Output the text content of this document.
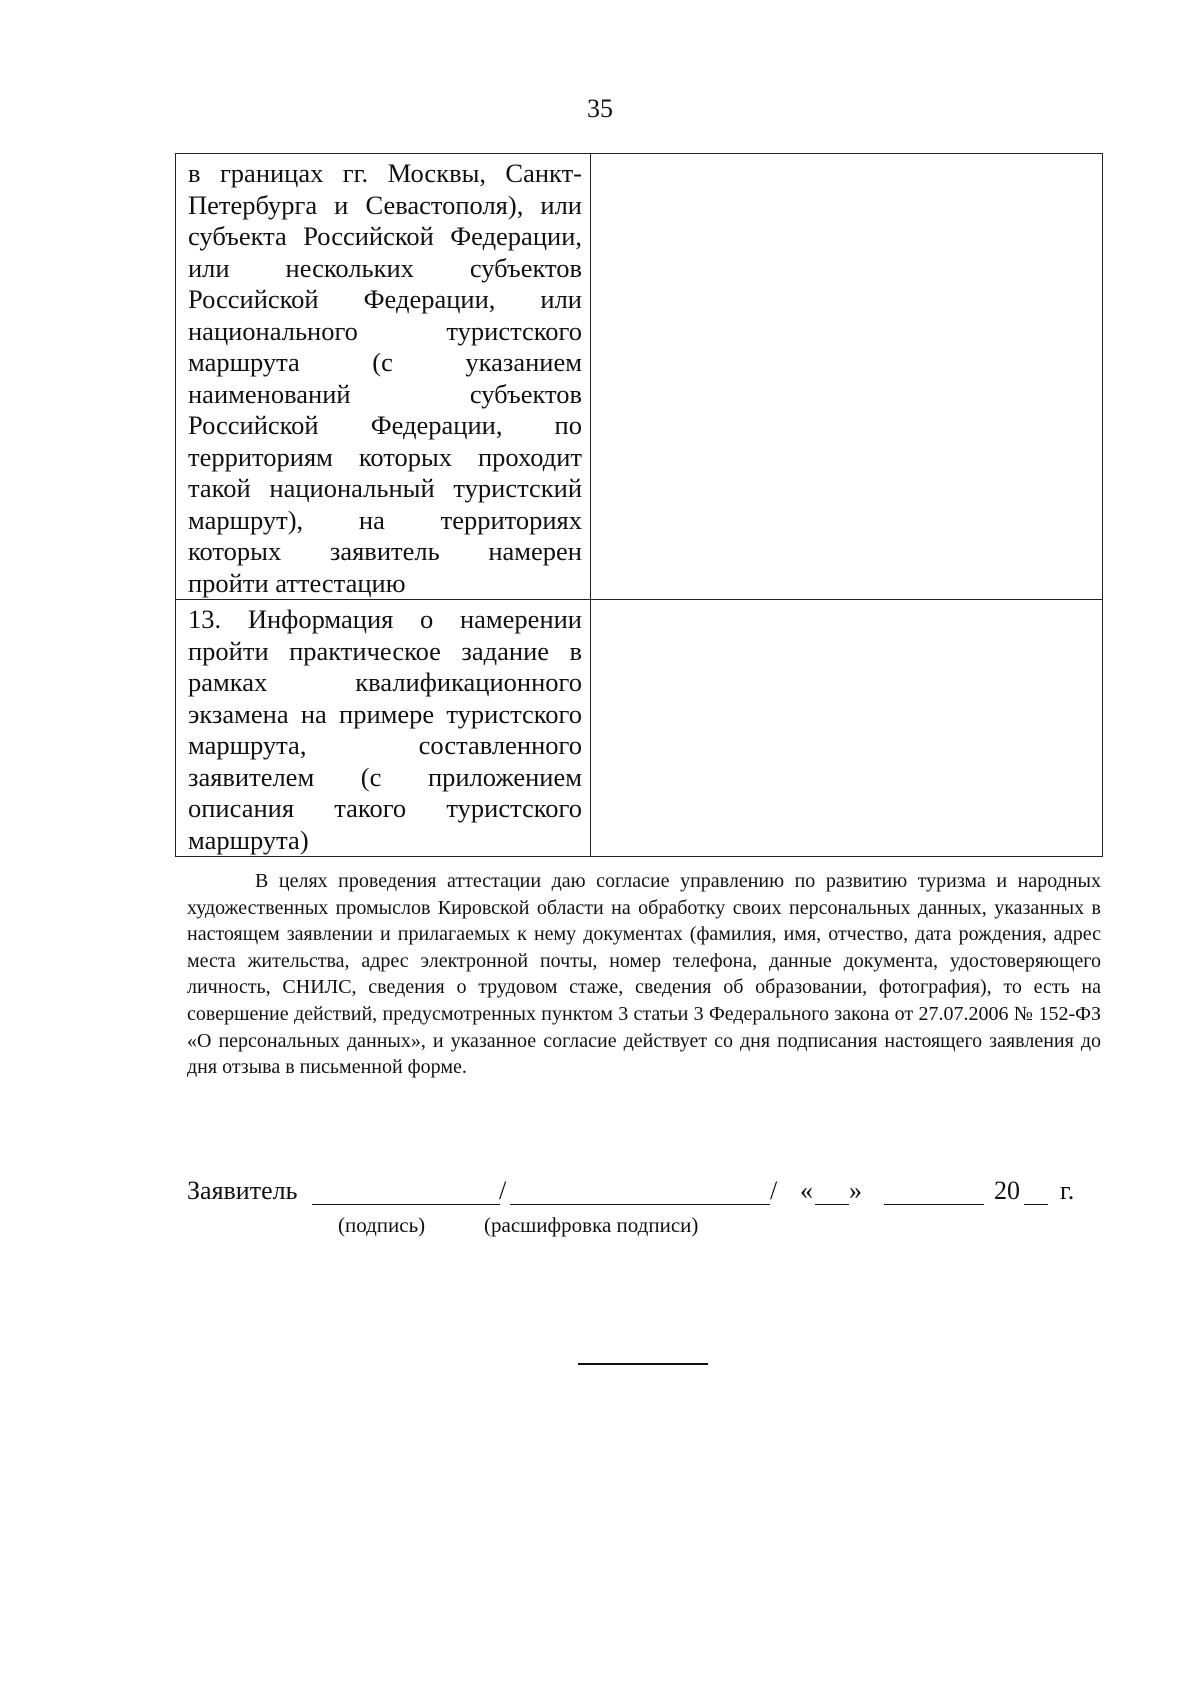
35
в границах гг. Москвы, Санкт-Петербурга и Севастополя), или субъекта Российской Федерации, или нескольких субъектов Российской Федерации, или национального туристского маршрута (с указанием наименований субъектов Российской Федерации, по территориям которых проходит такой национальный туристский маршрут), на территориях которых заявитель намерен пройти аттестацию	

13. Информация о намерении пройти практическое задание в рамках квалификационного экзамена на примере туристского маршрута, составленного заявителем (с приложением описания такого туристского маршрута)	

В целях проведения аттестации даю согласие управлению по развитию туризма и народных художественных промыслов Кировской области на обработку своих персональных данных, указанных в настоящем заявлении и прилагаемых к нему документах (фамилия, имя, отчество, дата рождения, адрес места жительства, адрес электронной почты, номер телефона, данные документа, удостоверяющего личность, СНИЛС, сведения о трудовом стаже, сведения об образовании, фотография), то есть на совершение действий, предусмотренных пунктом 3 статьи 3 Федерального закона от 27.07.2006 № 152-ФЗ «О персональных данных», и указанное согласие действует со дня подписания настоящего заявления до дня отзыва в письменной форме.
Заявитель	/	/ « »	20 г.
(подпись)	(расшифровка подписи)
